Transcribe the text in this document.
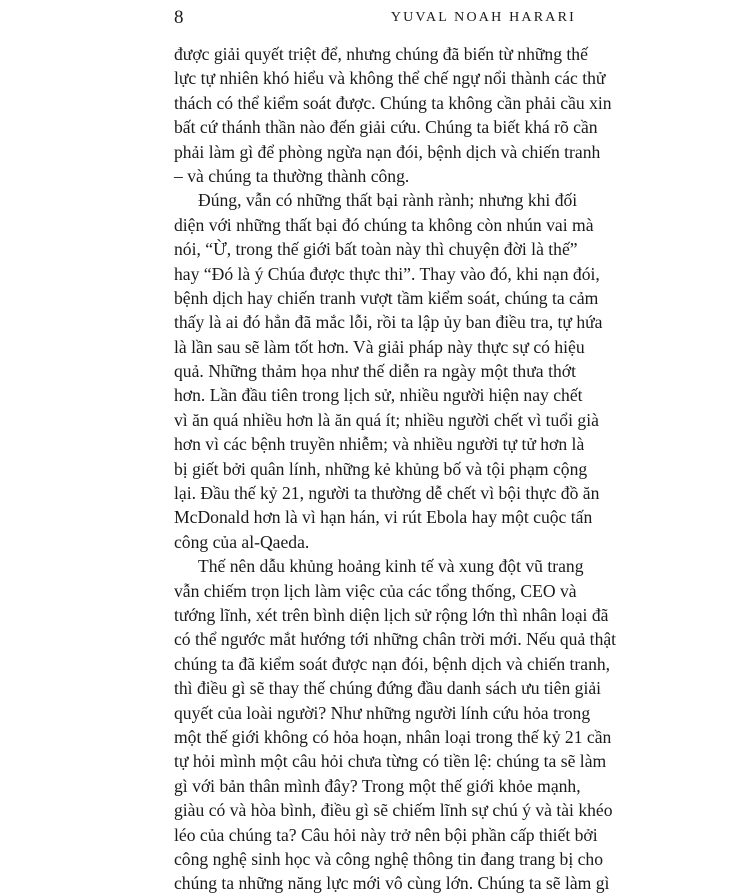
8	YUVAL NOAH HARARI
được giải quyết triệt để, nhưng chúng đã biến từ những thế
lực tự nhiên khó hiểu và không thể chế ngự nổi thành các thử
thách có thể kiểm soát được. Chúng ta không cần phải cầu xin
bất cứ thánh thần nào đến giải cứu. Chúng ta biết khá rõ cần
phải làm gì để phòng ngừa nạn đói, bệnh dịch và chiến tranh
– và chúng ta thường thành công.
Đúng, vẫn có những thất bại rành rành; nhưng khi đối
diện với những thất bại đó chúng ta không còn nhún vai mà
nói, “Ừ, trong thế giới bất toàn này thì chuyện đời là thế”
hay “Đó là ý Chúa được thực thi”. Thay vào đó, khi nạn đói,
bệnh dịch hay chiến tranh vượt tầm kiểm soát, chúng ta cảm
thấy là ai đó hẳn đã mắc lỗi, rồi ta lập ủy ban điều tra, tự hứa
là lần sau sẽ làm tốt hơn. Và giải pháp này thực sự có hiệu
quả. Những thảm họa như thế diễn ra ngày một thưa thớt
hơn. Lần đầu tiên trong lịch sử, nhiều người hiện nay chết
vì ăn quá nhiều hơn là ăn quá ít; nhiều người chết vì tuổi già
hơn vì các bệnh truyền nhiễm; và nhiều người tự tử hơn là
bị giết bởi quân lính, những kẻ khủng bố và tội phạm cộng
lại. Đầu thế kỷ 21, người ta thường dễ chết vì bội thực đồ ăn
McDonald hơn là vì hạn hán, vi rút Ebola hay một cuộc tấn
công của al-Qaeda.
Thế nên dẫu khủng hoảng kinh tế và xung đột vũ trang
vẫn chiếm trọn lịch làm việc của các tổng thống, CEO và
tướng lĩnh, xét trên bình diện lịch sử rộng lớn thì nhân loại đã
có thể ngước mắt hướng tới những chân trời mới. Nếu quả thật
chúng ta đã kiểm soát được nạn đói, bệnh dịch và chiến tranh,
thì điều gì sẽ thay thế chúng đứng đầu danh sách ưu tiên giải
quyết của loài người? Như những người lính cứu hỏa trong
một thế giới không có hỏa hoạn, nhân loại trong thế kỷ 21 cần
tự hỏi mình một câu hỏi chưa từng có tiền lệ: chúng ta sẽ làm
gì với bản thân mình đây? Trong một thế giới khỏe mạnh,
giàu có và hòa bình, điều gì sẽ chiếm lĩnh sự chú ý và tài khéo
léo của chúng ta? Câu hỏi này trở nên bội phần cấp thiết bởi
công nghệ sinh học và công nghệ thông tin đang trang bị cho
chúng ta những năng lực mới vô cùng lớn. Chúng ta sẽ làm gì
